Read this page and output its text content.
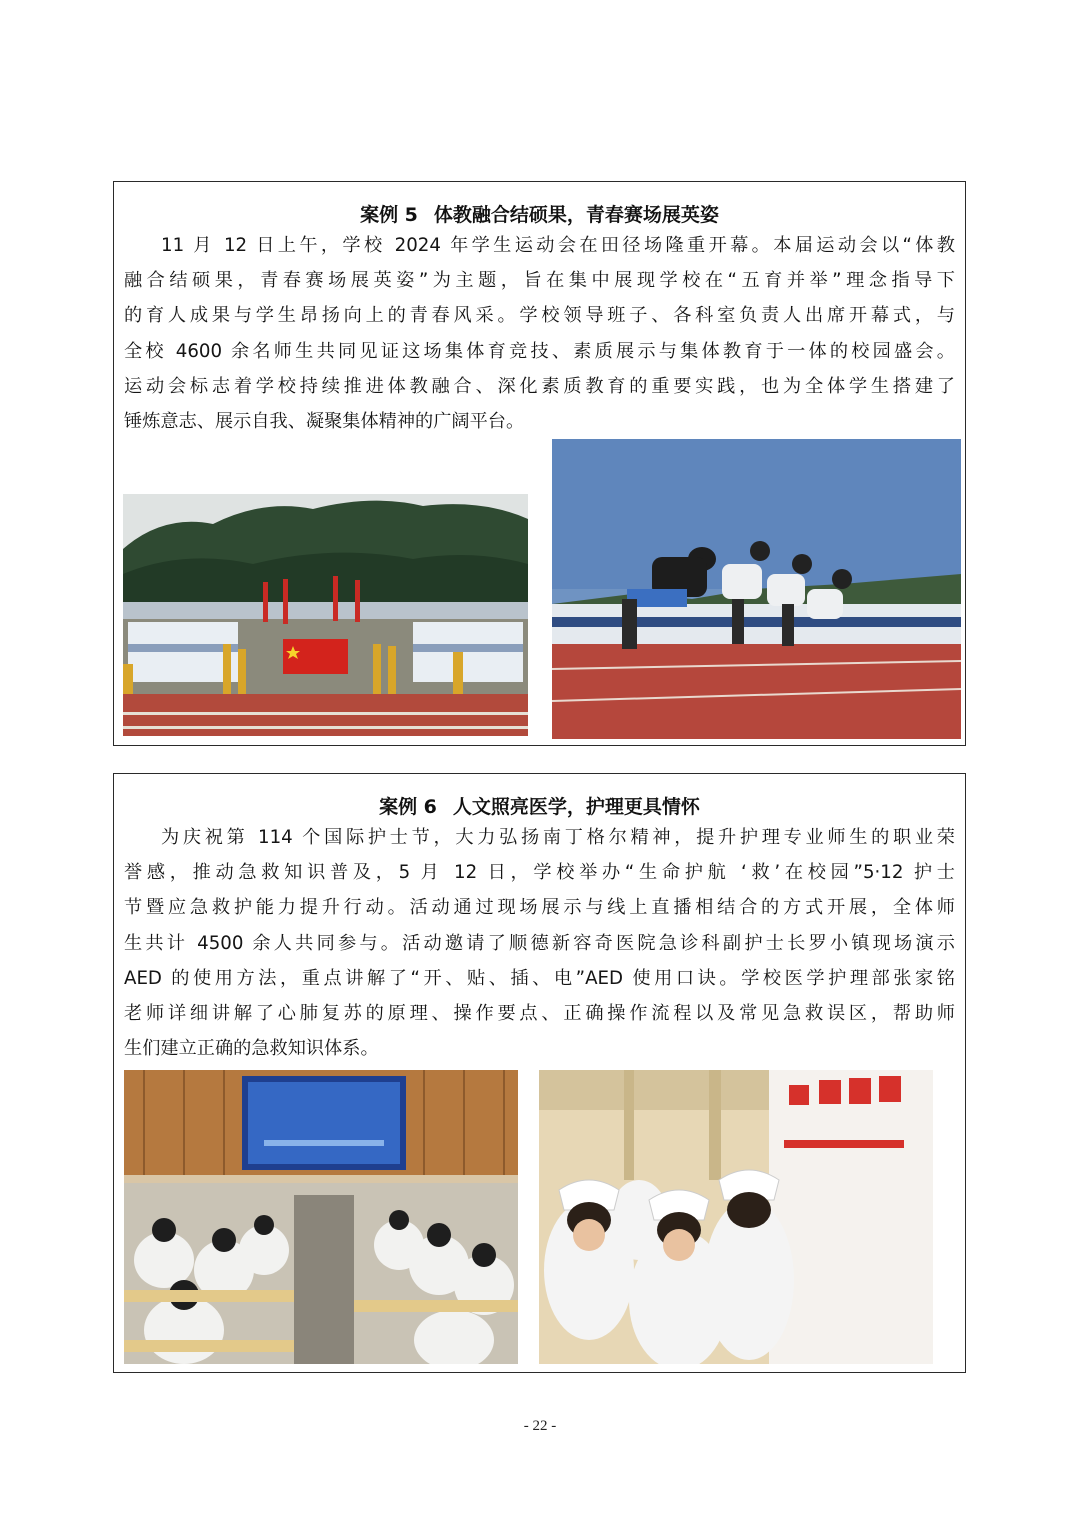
案例 5 体教融合结硕果，青春赛场展英姿
11 月 12 日上午，学校 2024 年学生运动会在田径场隆重开幕。本届运动会以“体教
融合结硕果，青春赛场展英姿”为主题，旨在集中展现学校在“五育并举”理念指导下
的育人成果与学生昂扬向上的青春风采。学校领导班子、各科室负责人出席开幕式，与
全校 4600 余名师生共同见证这场集体育竞技、素质展示与集体教育于一体的校园盛会。
运动会标志着学校持续推进体教融合、深化素质教育的重要实践，也为全体学生搭建了
锤炼意志、展示自我、凝聚集体精神的广阔平台。
案例 6 人文照亮医学，护理更具情怀
为庆祝第 114 个国际护士节，大力弘扬南丁格尔精神，提升护理专业师生的职业荣
誉感，推动急救知识普及，5 月 12 日，学校举办“生命护航 ‘救’在校园”5·12 护士
节暨应急救护能力提升行动。活动通过现场展示与线上直播相结合的方式开展，全体师
生共计 4500 余人共同参与。活动邀请了顺德新容奇医院急诊科副护士长罗小镇现场演示
AED 的使用方法，重点讲解了“开、贴、插、电”AED 使用口诀。学校医学护理部张家铭
老师详细讲解了心肺复苏的原理、操作要点、正确操作流程以及常见急救误区，帮助师
生们建立正确的急救知识体系。
- 22 -
